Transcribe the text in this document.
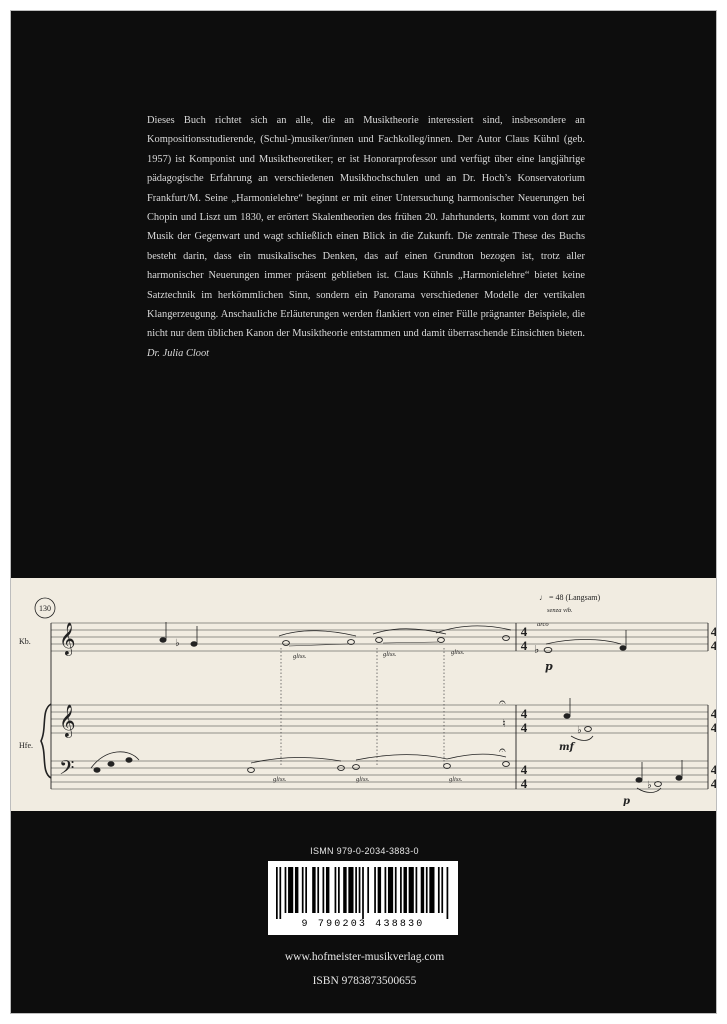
Dieses Buch richtet sich an alle, die an Musiktheorie interessiert sind, insbesondere an Kompositionsstudierende, (Schul-)musiker/innen und Fachkolleg/innen. Der Autor Claus Kühnl (geb. 1957) ist Komponist und Musiktheoretiker; er ist Honorarprofessor und verfügt über eine langjährige pädagogische Erfahrung an verschiedenen Musikhochschulen und an Dr. Hoch’s Konservatorium Frankfurt/M. Seine „Harmonielehre“ beginnt er mit einer Untersuchung harmonischer Neuerungen bei Chopin und Liszt um 1830, er erörtert Skalentheorien des frühen 20. Jahrhunderts, kommt von dort zur Musik der Gegenwart und wagt schließlich einen Blick in die Zukunft. Die zentrale These des Buchs besteht darin, dass ein musikalisches Denken, das auf einen Grundton bezogen ist, trotz aller harmonischer Neuerungen immer präsent geblieben ist. Claus Kühnls „Harmonielehre“ bietet keine Satztechnik im herkömmlichen Sinn, sondern ein Panorama verschiedener Modelle der vertikalen Klangerzeugung. Anschauliche Erläuterungen werden flankiert von einer Fülle prägnanter Beispiele, die nicht nur dem üblichen Kanon der Musiktheorie entstammen und damit überraschende Einsichten bieten. Dr. Julia Cloot

130
Kb.
Hfe.
𝄞
𝄞
𝄢
4
4
4
4
4
4
4
4
4
4
4
4
♩ = 48 (Langsam)
senza vib.
arco
gliss.	gliss.	gliss.
gliss.	gliss.	gliss.
p
mf
p
♭	♭
♭
𝄐
♮
𝄐
♭
ISMN 979-0-2034-3883-0
9 790203 438830
www.hofmeister-musikverlag.com
ISBN 9783873500655
